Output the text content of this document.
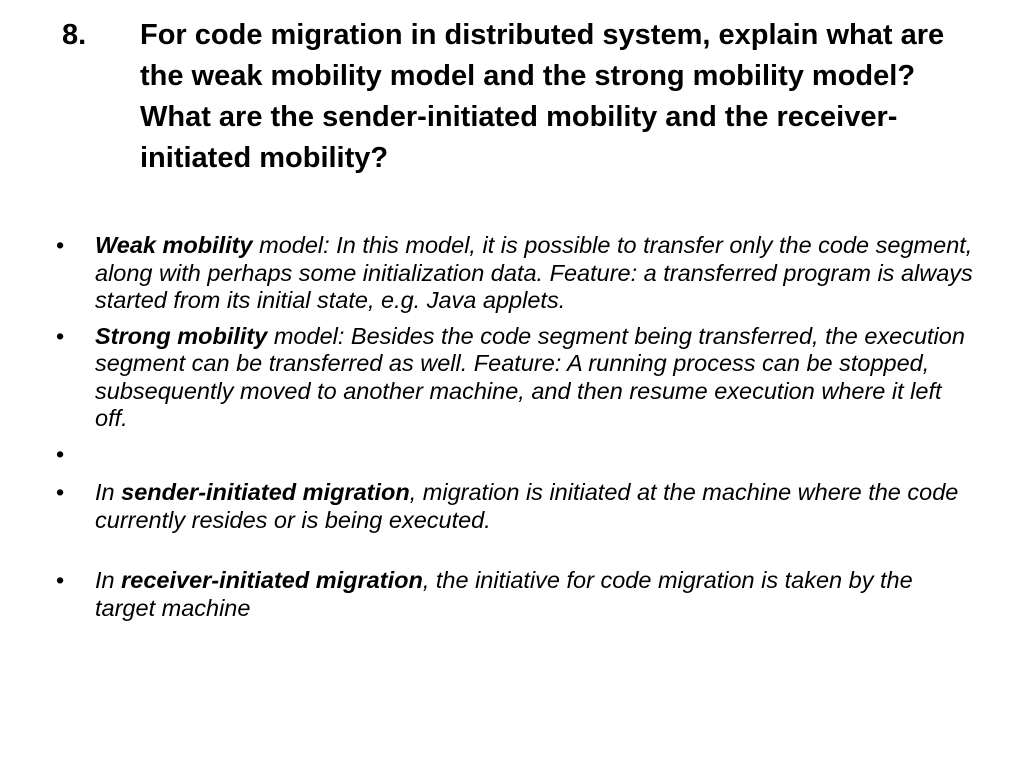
8.	For code migration in distributed system, explain what are the weak mobility model and the strong mobility model? What are the sender-initiated mobility and the receiver-initiated mobility?
• Weak mobility model: In this model, it is possible to transfer only the code segment, along with perhaps some initialization data. Feature: a transferred program is always started from its initial state, e.g. Java applets.
• Strong mobility model: Besides the code segment being transferred, the execution segment can be transferred as well. Feature: A running process can be stopped, subsequently moved to another machine, and then resume execution where it left off.
•
• In sender-initiated migration, migration is initiated at the machine where the code currently resides or is being executed.
• In receiver-initiated migration, the initiative for code migration is taken by the target machine
